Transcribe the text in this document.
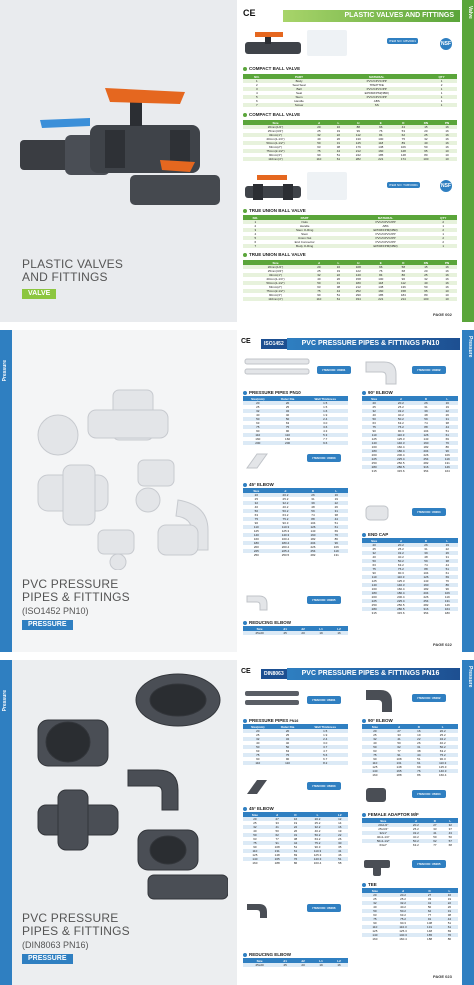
PLASTIC VALVES
AND FITTINGS
VALVE
Valve
CE	PLASTIC VALVES AND FITTINGS
ITEM NO: UBV0001	NSF
COMPACT BALL VALVE
NO.	PART	MATERIAL	QTY
1	Body	PVC/CPVC/PP	1
2	Seat Seal	TPE/PTFE	2
3	Ball	PVC/CPVC/PP	1
4	Seal	EPDM/FPM(NBR)	1
5	Stem	PVC/CPVC/PP	1
6	Handle	ABS	1
7	Screw	SS	1
COMPACT BALL VALVE
Size	d	L	H	E	D	DN	PN
20mm(1/2")	20	16	88	66	44	15	16
25mm(3/4")	25	19	99	76	53	20	16
32mm(1")	32	22	112	84	62	25	16
40mm(1-1/4")	40	26	130	100	75	32	16
50mm(1-1/2")	50	31	145	118	89	40	16
63mm(2")	63	38	176	138	106	50	16
75mm(2-1/2")	75	44	212	160	128	65	10
90mm(3")	90	51	242	185	148	80	10
110mm(4")	110	61	282	221	174	100	10
ITEM NO: TUBV0001	NSF
TRUE UNION BALL VALVE
NO.	PART	MATERIAL	QTY
1	Nuts	PVC/CPVC/PP	2
2	Handle	ABS	1
3	Stem O-Ring	EPDM/FPM(NBR)	2
4	Stem	PVC/CPVC/PP	1
5	Union Nut	PVC/CPVC/PP	2
6	End Connector	PVC/CPVC/PP	2
7	Body O-Ring	EPDM/FPM(NBR)	1
TRUE UNION BALL VALVE
Size	d	L	H	E	D	DN	PN
20mm(1/2")	20	16	108	66	58	15	16
25mm(3/4")	25	19	122	76	68	20	16
32mm(1")	32	22	140	84	80	25	16
40mm(1-1/4")	40	26	158	100	96	32	16
50mm(1-1/2")	50	31	180	118	112	40	16
63mm(2")	63	38	212	138	136	50	16
75mm(2-1/2")	75	44	252	160	158	65	10
90mm(3")	90	51	290	185	184	80	10
110mm(4")	110	61	334	221	214	100	10
PAGE 002
Pressure
PVC PRESSURE
PIPES & FITTINGS
(ISO1452 PN10)
PRESSURE
Pressure
CE	ISO1452	PVC PRESSURE PIPES & FITTINGS PN10
ITEM NO: U3001	ITEM NO: U3002
PRESSURE PIPES PN10
Size(mm)	Outer Dia	Wall Thickness
20	20	1.5
25	25	1.5
32	32	1.6
40	40	1.9
50	50	2.4
63	63	3.0
75	75	3.6
90	90	4.3
110	110	5.3
160	160	7.7
200	200	9.6
90° ELBOW
Size	d	D	L
20	20.2	26	16
25	25.2	31	19
32	32.2	39	22
40	40.2	48	26
50	50.2	59	31
63	63.2	74	38
75	75.2	88	44
90	90.3	104	51
110	110.3	126	61
125	125.3	143	69
140	140.3	160	76
160	160.4	182	86
180	180.4	204	96
200	200.4	226	106
225	225.4	254	119
250	250.5	282	131
280	280.5	316	146
315	315.6	354	164
ITEM NO: U3003
45° ELBOW
Size	d	D	L
20	20.2	26	16
25	25.2	31	19
32	32.2	39	22
40	40.2	48	26
50	50.2	59	31
63	63.2	74	38
75	75.2	88	44
90	90.3	104	51
110	110.3	126	61
125	125.3	143	69
140	140.3	160	76
160	160.4	182	86
180	180.4	204	96
200	200.4	226	106
225	225.4	254	119
250	250.5	282	131
ITEM NO: U3004
END CAP
Size	d	D	L
20	20.2	26	19
25	25.2	31	22
32	32.2	39	26
40	40.2	48	31
50	50.2	59	38
63	63.2	74	44
75	75.2	88	51
90	90.3	104	61
110	110.3	126	69
125	125.3	143	76
140	140.3	160	86
160	160.4	182	96
180	180.4	204	106
200	200.4	226	119
225	225.4	254	131
250	250.5	282	146
280	280.5	316	164
315	315.6	354	180
ITEM NO: U3005
REDUCING ELBOW
Size	d1	d2	L1	L2
25x20	25	20	19	16
PAGE 022
Pressure
PVC PRESSURE
PIPES & FITTINGS
(DIN8063 PN16)
PRESSURE
Pressure
CE	DIN8063	PVC PRESSURE PIPES & FITTINGS PN16
ITEM NO: U6001	ITEM NO: U6002
PRESSURE PIPES PN16
Size(mm)	Outer Dia	Wall Thickness
20	20	1.5
25	25	1.9
32	32	2.4
40	40	3.0
50	50	3.7
63	63	4.7
75	75	5.6
90	90	6.7
110	110	8.2
90° ELBOW
Size	d	D	L
20	27	16	20.2
25	33	19	25.2
32	41	22	32.2
40	50	26	40.2
50	62	31	50.2
63	77	38	63.2
75	91	44	75.2
90	108	51	90.3
110	131	61	110.3
125	148	69	125.3
140	165	76	140.3
160	188	86	160.4
ITEM NO: U6003
45° ELBOW
Size	d	D	L	L2
20	27	16	20.2	12
25	33	19	25.2	14
32	41	22	32.2	16
40	50	26	40.2	19
50	62	31	50.2	22
63	77	38	63.2	26
75	91	44	75.2	30
90	108	51	90.3	35
110	131	61	110.3	41
125	148	69	125.3	46
140	165	76	140.3	51
160	188	86	160.4	58
ITEM NO: U6004
FEMALE ADAPTOR M/F
Size	d	D	L
20x1/2"	20.2	27	32
25x3/4"	25.2	33	37
32x1"	32.2	41	43
40x1-1/4"	40.2	50	50
50x1-1/2"	50.2	62	57
63x2"	63.2	77	68
ITEM NO: U6005
TEE
Size	d	D	L
20	20.2	27	16
25	25.2	33	19
32	32.2	41	22
40	40.2	50	26
50	50.2	62	31
63	63.2	77	38
75	75.2	91	44
90	90.3	108	51
110	110.3	131	61
125	125.3	148	69
140	140.3	165	76
160	160.4	188	86
ITEM NO: U6006
REDUCING ELBOW
Size	d1	d2	L1	L2
25x20	25	20	19	16
PAGE 023
